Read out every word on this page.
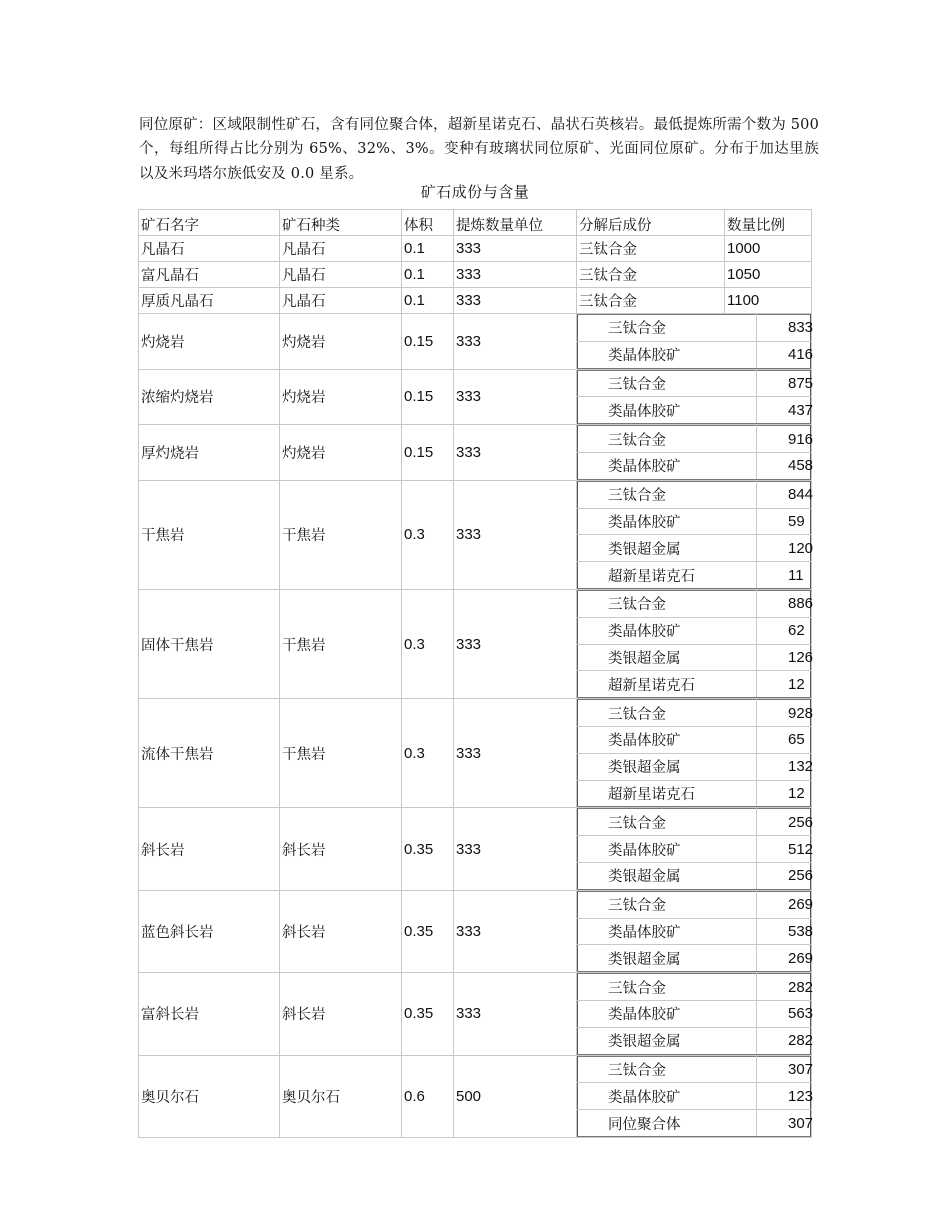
同位原矿：区域限制性矿石，含有同位聚合体，超新星诺克石、晶状石英核岩。最低提炼所需个数为 500 个，每组所得占比分别为 65%、32%、3%。变种有玻璃状同位原矿、光面同位原矿。分布于加达里族以及米玛塔尔族低安及 0.0 星系。

矿石成份与含量
矿石名字	矿石种类	体积	提炼数量单位	分解后成份	数量比例
凡晶石	凡晶石	0.1	333	三钛合金	1000
富凡晶石	凡晶石	0.1	333	三钛合金	1050
厚质凡晶石	凡晶石	0.1	333	三钛合金	1100
灼烧岩	灼烧岩	0.15	333	
三钛合金	833
类晶体胶矿	416

浓缩灼烧岩	灼烧岩	0.15	333	
三钛合金	875
类晶体胶矿	437

厚灼烧岩	灼烧岩	0.15	333	
三钛合金	916
类晶体胶矿	458

干焦岩	干焦岩	0.3	333	
三钛合金	844
类晶体胶矿	59
类银超金属	120
超新星诺克石	11

固体干焦岩	干焦岩	0.3	333	
三钛合金	886
类晶体胶矿	62
类银超金属	126
超新星诺克石	12

流体干焦岩	干焦岩	0.3	333	
三钛合金	928
类晶体胶矿	65
类银超金属	132
超新星诺克石	12

斜长岩	斜长岩	0.35	333	
三钛合金	256
类晶体胶矿	512
类银超金属	256

蓝色斜长岩	斜长岩	0.35	333	
三钛合金	269
类晶体胶矿	538
类银超金属	269

富斜长岩	斜长岩	0.35	333	
三钛合金	282
类晶体胶矿	563
类银超金属	282

奥贝尔石	奥贝尔石	0.6	500	
三钛合金	307
类晶体胶矿	123
同位聚合体	307
